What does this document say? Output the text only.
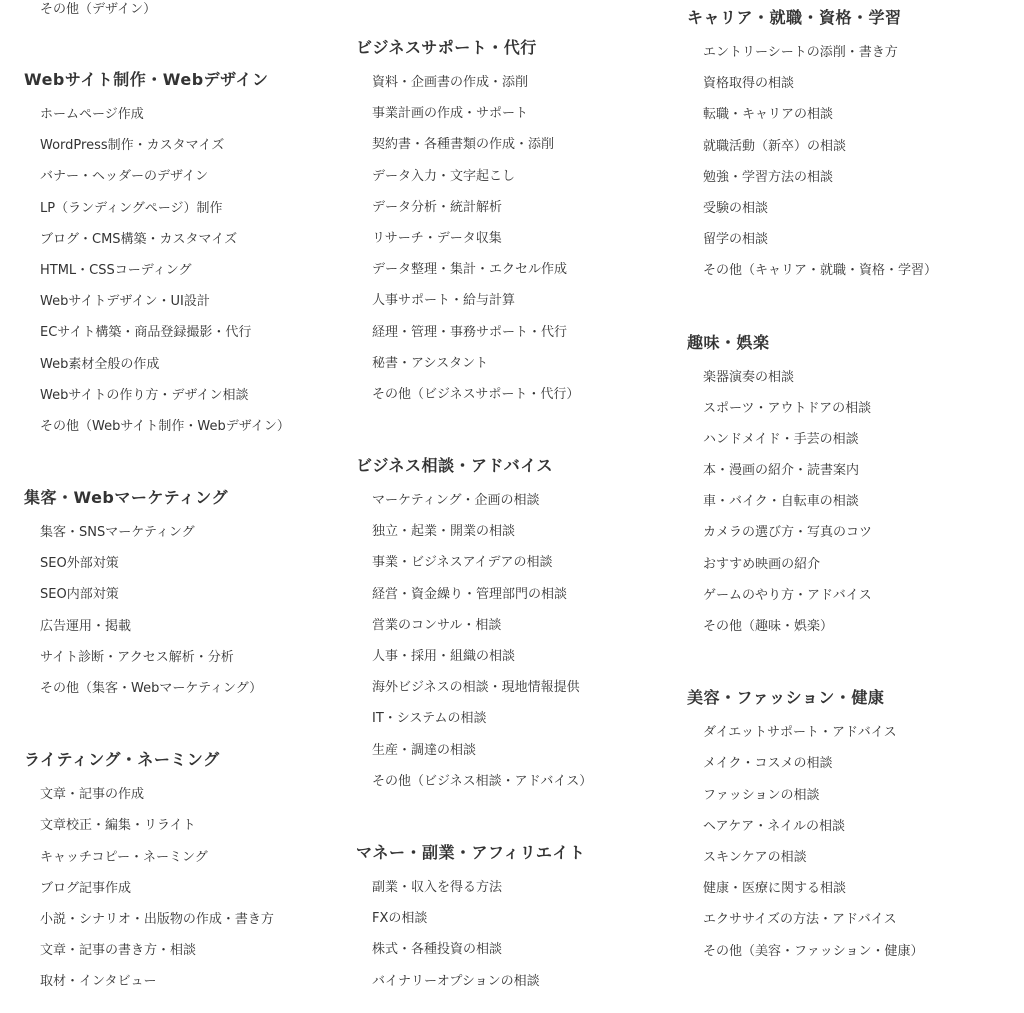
その他（デザイン）

Webサイト制作・Webデザイン
ホームページ作成
WordPress制作・カスタマイズ
バナー・ヘッダーのデザイン
LP（ランディングページ）制作
ブログ・CMS構築・カスタマイズ
HTML・CSSコーディング
Webサイトデザイン・UI設計
ECサイト構築・商品登録撮影・代行
Web素材全般の作成
Webサイトの作り方・デザイン相談
その他（Webサイト制作・Webデザイン）
集客・Webマーケティング
集客・SNSマーケティング
SEO外部対策
SEO内部対策
広告運用・掲載
サイト診断・アクセス解析・分析
その他（集客・Webマーケティング）
ライティング・ネーミング
文章・記事の作成
文章校正・編集・リライト
キャッチコピー・ネーミング
ブログ記事作成
小説・シナリオ・出版物の作成・書き方
文章・記事の書き方・相談
取材・インタビュー
ビジネスサポート・代行
資料・企画書の作成・添削
事業計画の作成・サポート
契約書・各種書類の作成・添削
データ入力・文字起こし
データ分析・統計解析
リサーチ・データ収集
データ整理・集計・エクセル作成
人事サポート・給与計算
経理・管理・事務サポート・代行
秘書・アシスタント
その他（ビジネスサポート・代行）
ビジネス相談・アドバイス
マーケティング・企画の相談
独立・起業・開業の相談
事業・ビジネスアイデアの相談
経営・資金繰り・管理部門の相談
営業のコンサル・相談
人事・採用・組織の相談
海外ビジネスの相談・現地情報提供
IT・システムの相談
生産・調達の相談
その他（ビジネス相談・アドバイス）
マネー・副業・アフィリエイト
副業・収入を得る方法
FXの相談
株式・各種投資の相談
バイナリーオプションの相談
キャリア・就職・資格・学習
エントリーシートの添削・書き方
資格取得の相談
転職・キャリアの相談
就職活動（新卒）の相談
勉強・学習方法の相談
受験の相談
留学の相談
その他（キャリア・就職・資格・学習）
趣味・娯楽
楽器演奏の相談
スポーツ・アウトドアの相談
ハンドメイド・手芸の相談
本・漫画の紹介・読書案内
車・バイク・自転車の相談
カメラの選び方・写真のコツ
おすすめ映画の紹介
ゲームのやり方・アドバイス
その他（趣味・娯楽）
美容・ファッション・健康
ダイエットサポート・アドバイス
メイク・コスメの相談
ファッションの相談
ヘアケア・ネイルの相談
スキンケアの相談
健康・医療に関する相談
エクササイズの方法・アドバイス
その他（美容・ファッション・健康）
